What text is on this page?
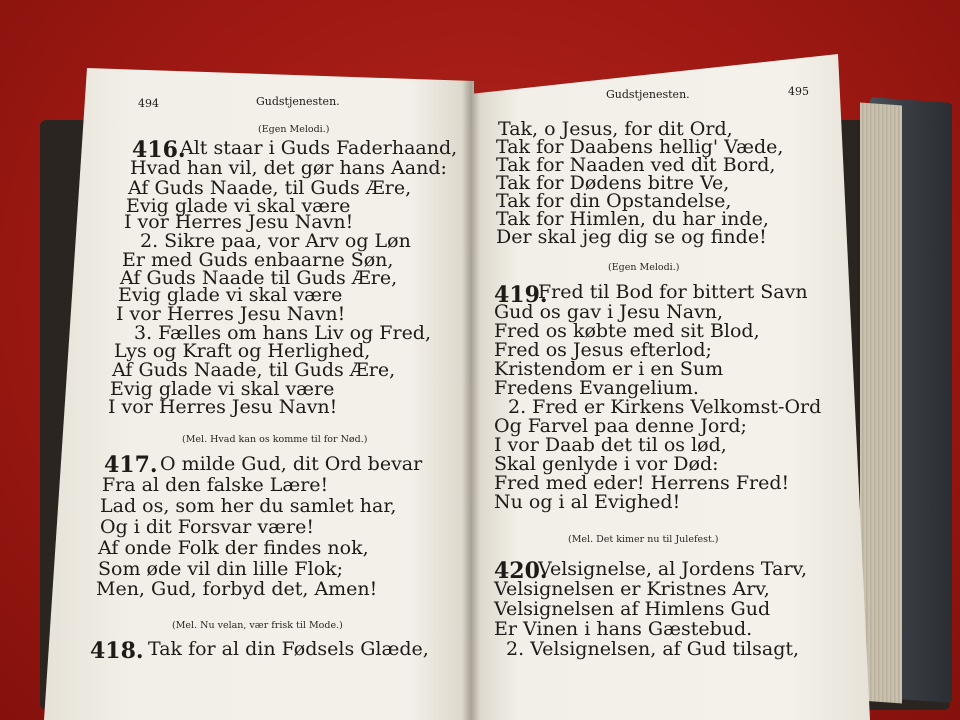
494	Gudstjenesten.
(Egen Melodi.)
416.
Alt staar i Guds Faderhaand,
Hvad han vil, det gør hans Aand:
Af Guds Naade, til Guds Ære,
Evig glade vi skal være
I vor Herres Jesu Navn!
2. Sikre paa, vor Arv og Løn
Er med Guds enbaarne Søn,
Af Guds Naade til Guds Ære,
Evig glade vi skal være
I vor Herres Jesu Navn!
3. Fælles om hans Liv og Fred,
Lys og Kraft og Herlighed,
Af Guds Naade, til Guds Ære,
Evig glade vi skal være
I vor Herres Jesu Navn!
(Mel. Hvad kan os komme til for Nød.)
417. O milde Gud, dit Ord bevar
Fra al den falske Lære!
Lad os, som her du samlet har,
Og i dit Forsvar være!
Af onde Folk der findes nok,
Som øde vil din lille Flok;
Men, Gud, forbyd det, Amen!
(Mel. Nu velan, vær frisk til Mode.)
418. Tak for al din Fødsels Glæde,
Gudstjenesten.	495
Tak, o Jesus, for dit Ord,
Tak for Daabens hellig' Væde,
Tak for Naaden ved dit Bord,
Tak for Dødens bitre Ve,
Tak for din Opstandelse,
Tak for Himlen, du har inde,
Der skal jeg dig se og finde!
(Egen Melodi.)
419.
Fred til Bod for bittert Savn
Gud os gav i Jesu Navn,
Fred os købte med sit Blod,
Fred os Jesus efterlod;
Kristendom er i en Sum
Fredens Evangelium.
2. Fred er Kirkens Velkomst-Ord
Og Farvel paa denne Jord;
I vor Daab det til os lød,
Skal genlyde i vor Død:
Fred med eder! Herrens Fred!
Nu og i al Evighed!
(Mel. Det kimer nu til Julefest.)
420.
Velsignelse, al Jordens Tarv,
Velsignelsen er Kristnes Arv,
Velsignelsen af Himlens Gud
Er Vinen i hans Gæstebud.
2. Velsignelsen, af Gud tilsagt,
